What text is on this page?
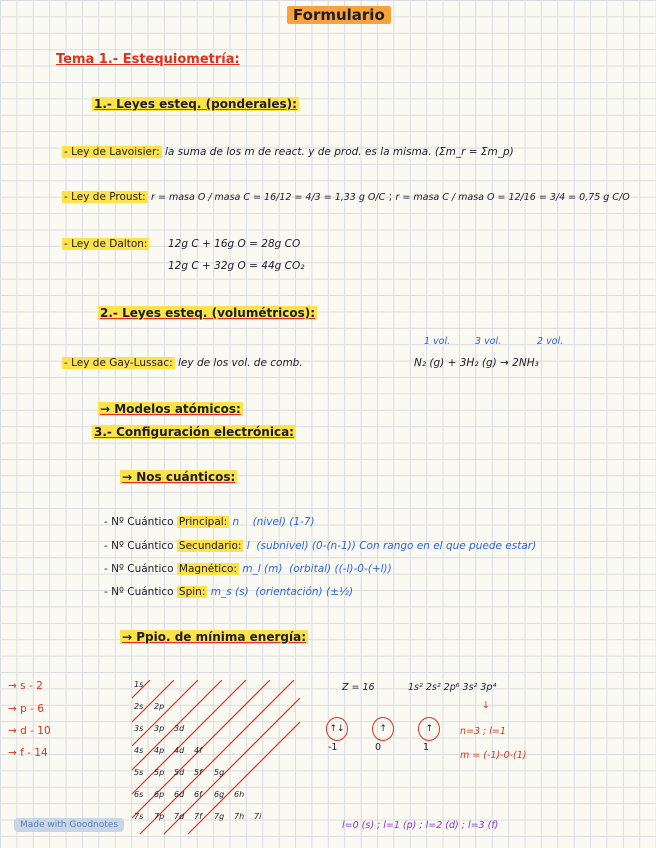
Formulario
Tema 1.- Estequiometría:
1.- Leyes esteq. (ponderales):
- Ley de Lavoisier: la suma de los m de react. y de prod. es la misma. (Σm_r = Σm_p)
- Ley de Proust: r = masa O / masa C = 16/12 = 4/3 = 1,33 g O/C ; r = masa C / masa O = 12/16 = 3/4 = 0,75 g C/O
- Ley de Dalton: 12g C + 16g O = 28g CO
12g C + 32g O = 44g CO₂
2.- Leyes esteq. (volumétricos):
1 vol.	3 vol.	2 vol.
- Ley de Gay-Lussac: ley de los vol. de comb.	N₂ (g) + 3H₂ (g) → 2NH₃
→ Modelos atómicos:
3.- Configuración electrónica:
→ Nos cuánticos:
- Nº Cuántico Principal: n (nivel) (1-7)
- Nº Cuántico Secundario: l (subnivel) (0-(n-1)) Con rango en el que puede estar)
- Nº Cuántico Magnético: m_l (m) (orbital) ((-l)-0-(+l))
- Nº Cuántico Spin: m_s (s) (orientación) (±½)
→ Ppio. de mínima energía:
→ s - 2
→ p - 6
→ d - 10
→ f - 14
1s
2s 2p
3s 3p 3d
4s 4p 4d 4f
5s 5p 5d 5f 5g
6s 6p 6d 6f 6g 6h
7s 7p 7d 7f 7g 7h 7i
Z = 16	1s² 2s² 2p⁶ 3s² 3p⁴
↓
↑↓	↑	↑
-1	0	1
n=3 ; l=1
m = (-1)-0-(1)
l=0 (s) ; l=1 (p) ; l=2 (d) ; l=3 (f)
Made with Goodnotes
